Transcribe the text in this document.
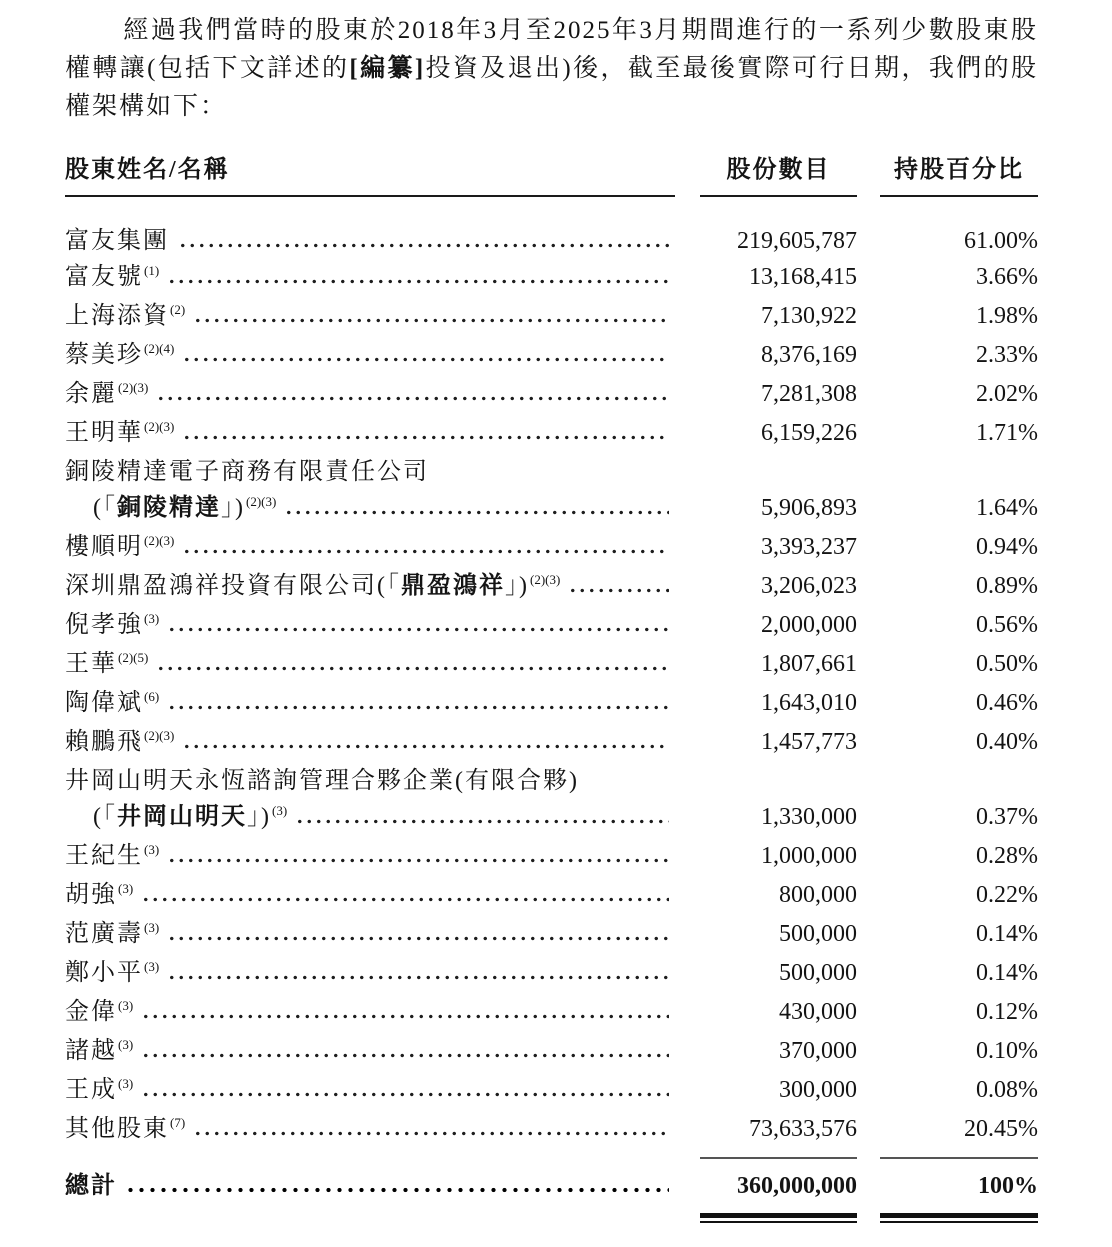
經過我們當時的股東於2018年3月至2025年3月期間進行的一系列少數股東股權轉讓(包括下文詳述的[編纂]投資及退出)後，截至最後實際可行日期，我們的股權架構如下：

股東姓名/名稱	股份數目	持股百分比
富友集團	219,605,787	61.00%
富友號 (1)	13,168,415	3.66%
上海添資 (2)	7,130,922	1.98%
蔡美珍 (2)(4)	8,376,169	2.33%
余麗 (2)(3)	7,281,308	2.02%
王明華 (2)(3)	6,159,226	1.71%
銅陵精達電子商務有限責任公司
(「 銅陵精達 」) (2)(3)	5,906,893	1.64%
樓順明 (2)(3)	3,393,237	0.94%
深圳鼎盈鴻祥投資有限公司(「 鼎盈鴻祥 」) (2)(3)	3,206,023	0.89%
倪孝強 (3)	2,000,000	0.56%
王華 (2)(5)	1,807,661	0.50%
陶偉斌 (6)	1,643,010	0.46%
賴鵬飛 (2)(3)	1,457,773	0.40%
井岡山明天永恆諮詢管理合夥企業(有限合夥)
(「 井岡山明天 」) (3)	1,330,000	0.37%
王紀生 (3)	1,000,000	0.28%
胡強 (3)	800,000	0.22%
范廣壽 (3)	500,000	0.14%
鄭小平 (3)	500,000	0.14%
金偉 (3)	430,000	0.12%
諸越 (3)	370,000	0.10%
王成 (3)	300,000	0.08%
其他股東 (7)	73,633,576	20.45%
總計	360,000,000	100%
